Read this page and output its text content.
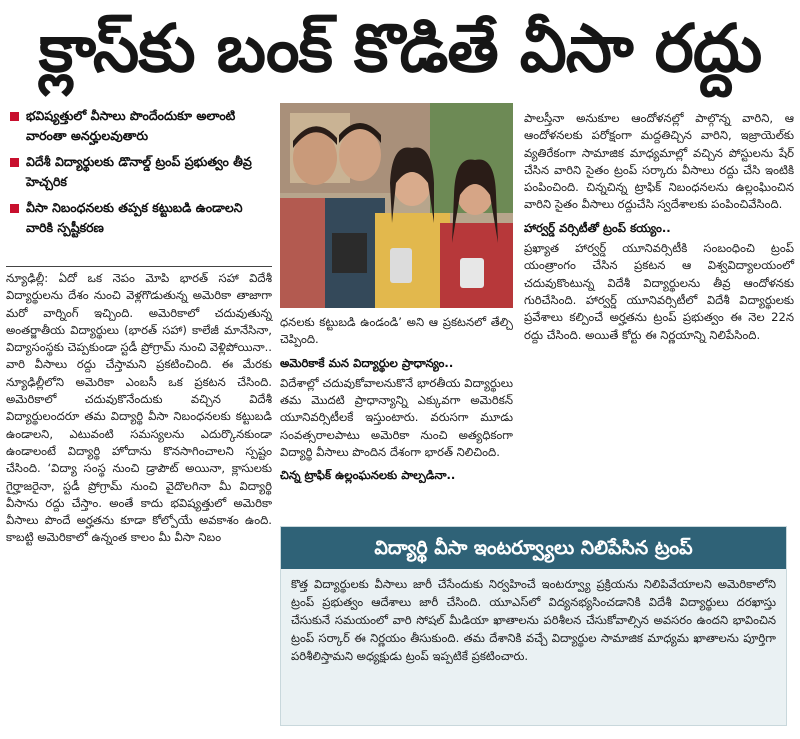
క్లాస్‌కు బంక్ కొడితే వీసా రద్దు
భవిష్యత్తులో వీసాలు పొందేందుకూ అలాంటి వారంతా అనర్హులవుతారు
విదేశీ విద్యార్థులకు డొనాల్డ్ ట్రంప్ ప్రభుత్వం తీవ్ర హెచ్చరిక
వీసా నిబంధనలకు తప్పక కట్టుబడి ఉండాలని వారికి స్పష్టీకరణ

న్యూఢిల్లీ: ఏదో ఒక నెపం మోపి భారత్ సహా విదేశీ విద్యార్థులను దేశం నుంచి వెళ్లగొడుతున్న అమెరికా తాజాగా మరో వార్నింగ్ ఇచ్చింది. అమెరికాలో చదువుతున్న అంతర్జాతీయ విద్యార్థులు (భారత్ సహా) కాలేజీ మానేసినా, విద్యాసంస్థకు చెప్పకుండా స్టడీ ప్రోగ్రామ్ నుంచి వెళ్లిపోయినా.. వారి వీసాలు రద్దు చేస్తామని ప్రకటించింది. ఈ మేరకు న్యూఢిల్లీలోని అమెరికా ఎంబసీ ఒక ప్రకటన చేసింది. అమెరికాలో చదువుకొనేందుకు వచ్చిన విదేశీ విద్యార్థులందరూ తమ విద్యార్థి వీసా నిబంధనలకు కట్టుబడి ఉండాలని, ఎటువంటి సమస్యలను ఎదుర్కొనకుండా ఉండాలంటే విద్యార్థి హోదాను కొనసాగించాలని స్పష్టం చేసింది. ‘విద్యా సంస్థ నుంచి డ్రాపౌట్ అయినా, క్లాసులకు గైర్హాజరైనా, స్టడీ ప్రోగ్రామ్ నుంచి వైదొలగినా మీ విద్యార్థి వీసాను రద్దు చేస్తాం. అంతే కాదు భవిష్యత్తులో అమెరికా వీసాలు పొందే అర్హతను కూడా కోల్పోయే అవకాశం ఉంది. కాబట్టి అమెరికాలో ఉన్నంత కాలం మీ వీసా నిబం

ధనలకు కట్టుబడి ఉండండి’ అని ఆ ప్రకటనలో తేల్చి చెప్పింది.

అమెరికాకే మన విద్యార్థుల ప్రాధాన్యం..

విదేశాల్లో చదువుకోవాలనుకొనే భారతీయ విద్యార్థులు తమ మొదటి ప్రాధాన్యాన్ని ఎక్కువగా అమెరికన్ యూనివర్సిటీలకే ఇస్తుంటారు. వరుసగా మూడు సంవత్సరాలపాటు అమెరికా నుంచి అత్యధికంగా విద్యార్థి వీసాలు పొందిన దేశంగా భారత్ నిలిచింది.

చిన్న ట్రాఫిక్ ఉల్లంఘనలకు పాల్పడినా..

పాలస్తీనా అనుకూల ఆందోళనల్లో పాల్గొన్న వారిని, ఆ ఆందోళనలకు పరోక్షంగా మద్దతిచ్చిన వారిని, ఇజ్రాయెల్‌కు వ్యతిరేకంగా సామాజిక మాధ్యమాల్లో వచ్చిన పోస్టులను షేర్ చేసిన వారిని సైతం ట్రంప్ సర్కారు వీసాలు రద్దు చేసి ఇంటికి పంపించింది. చిన్నచిన్న ట్రాఫిక్ నిబంధనలను ఉల్లంఘించిన వారిని సైతం వీసాలు రద్దుచేసి స్వదేశాలకు పంపించివేసింది.

హార్వర్డ్ వర్సిటీతో ట్రంప్ కయ్యం..

ప్రఖ్యాత హార్వర్డ్ యూనివర్సిటీకి సంబంధించి ట్రంప్ యంత్రాంగం చేసిన ప్రకటన ఆ విశ్వవిద్యాలయంలో చదువుకొంటున్న విదేశీ విద్యార్థులను తీవ్ర ఆందోళనకు గురిచేసింది. హార్వర్డ్ యూనివర్సిటీలో విదేశీ విద్యార్థులకు ప్రవేశాలు కల్పించే అర్హతను ట్రంప్ ప్రభుత్వం ఈ నెల 22న రద్దు చేసింది. అయితే కోర్టు ఈ నిర్ణయాన్ని నిలిపేసింది.

విద్యార్థి వీసా ఇంటర్వ్యూలు నిలిపేసిన ట్రంప్
కొత్త విద్యార్థులకు వీసాలు జారీ చేసేందుకు నిర్వహించే ఇంటర్వ్యూ ప్రక్రియను నిలిపివేయాలని అమెరికాలోని ట్రంప్ ప్రభుత్వం ఆదేశాలు జారీ చేసింది. యూఎస్‌లో విద్యనభ్యసించడానికి విదేశీ విద్యార్థులు దరఖాస్తు చేసుకునే సమయంలో వారి సోషల్ మీడియా ఖాతాలను పరిశీలన చేసుకోవాల్సిన అవసరం ఉందని భావించిన ట్రంప్ సర్కార్ ఈ నిర్ణయం తీసుకుంది. తమ దేశానికి వచ్చే విద్యార్థుల సామాజిక మాధ్యమ ఖాతాలను పూర్తిగా పరిశీలిస్తామని అధ్యక్షుడు ట్రంప్ ఇప్పటికే ప్రకటించారు.
